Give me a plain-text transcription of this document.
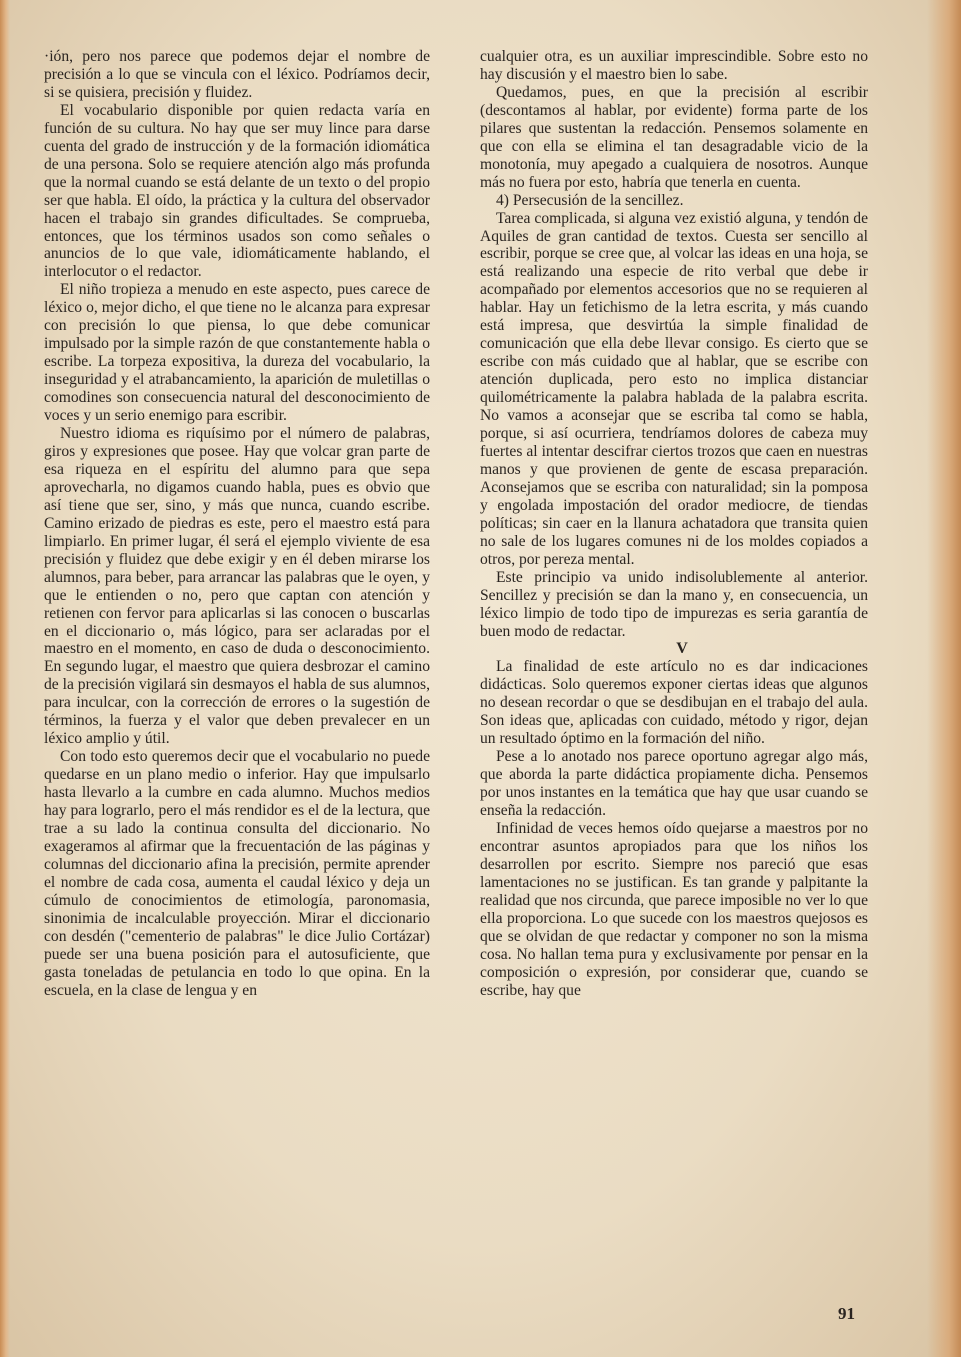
·ión, pero nos parece que podemos dejar el nombre de precisión a lo que se vincula con el léxico. Podríamos decir, si se quisiera, precisión y fluidez.

El vocabulario disponible por quien redacta varía en función de su cultura. No hay que ser muy lince para darse cuenta del grado de instrucción y de la formación idiomática de una persona. Solo se requiere atención algo más profunda que la normal cuando se está delante de un texto o del propio ser que habla. El oído, la práctica y la cultura del observador hacen el trabajo sin grandes dificultades. Se comprueba, entonces, que los términos usados son como señales o anuncios de lo que vale, idiomáticamente hablando, el interlocutor o el redactor.

El niño tropieza a menudo en este aspecto, pues carece de léxico o, mejor dicho, el que tiene no le alcanza para expresar con precisión lo que piensa, lo que debe comunicar impulsado por la simple razón de que constantemente habla o escribe. La torpeza expositiva, la dureza del vocabulario, la inseguridad y el atrabancamiento, la aparición de muletillas o comodines son consecuencia natural del desconocimiento de voces y un serio enemigo para escribir.

Nuestro idioma es riquísimo por el número de palabras, giros y expresiones que posee. Hay que volcar gran parte de esa riqueza en el espíritu del alumno para que sepa aprovecharla, no digamos cuando habla, pues es obvio que así tiene que ser, sino, y más que nunca, cuando escribe. Camino erizado de piedras es este, pero el maestro está para limpiarlo. En primer lugar, él será el ejemplo viviente de esa precisión y fluidez que debe exigir y en él deben mirarse los alumnos, para beber, para arrancar las palabras que le oyen, y que le entienden o no, pero que captan con atención y retienen con fervor para aplicarlas si las conocen o buscarlas en el diccionario o, más lógico, para ser aclaradas por el maestro en el momento, en caso de duda o desconocimiento. En segundo lugar, el maestro que quiera desbrozar el camino de la precisión vigilará sin desmayos el habla de sus alumnos, para inculcar, con la corrección de errores o la sugestión de términos, la fuerza y el valor que deben prevalecer en un léxico amplio y útil.

Con todo esto queremos decir que el vocabulario no puede quedarse en un plano medio o inferior. Hay que impulsarlo hasta llevarlo a la cumbre en cada alumno. Muchos medios hay para lograrlo, pero el más rendidor es el de la lectura, que trae a su lado la continua consulta del diccionario. No exageramos al afirmar que la frecuentación de las páginas y columnas del diccionario afina la precisión, permite aprender el nombre de cada cosa, aumenta el caudal léxico y deja un cúmulo de conocimientos de etimología, paronomasia, sinonimia de incalculable proyección. Mirar el diccionario con desdén ("cementerio de palabras" le dice Julio Cortázar) puede ser una buena posición para el autosuficiente, que gasta toneladas de petulancia en todo lo que opina. En la escuela, en la clase de lengua y en

cualquier otra, es un auxiliar imprescindible. Sobre esto no hay discusión y el maestro bien lo sabe.

Quedamos, pues, en que la precisión al escribir (descontamos al hablar, por evidente) forma parte de los pilares que sustentan la redacción. Pensemos solamente en que con ella se elimina el tan desagradable vicio de la monotonía, muy apegado a cualquiera de nosotros. Aunque más no fuera por esto, habría que tenerla en cuenta.

4) Persecusión de la sencillez.

Tarea complicada, si alguna vez existió alguna, y tendón de Aquiles de gran cantidad de textos. Cuesta ser sencillo al escribir, porque se cree que, al volcar las ideas en una hoja, se está realizando una especie de rito verbal que debe ir acompañado por elementos accesorios que no se requieren al hablar. Hay un fetichismo de la letra escrita, y más cuando está impresa, que desvirtúa la simple finalidad de comunicación que ella debe llevar consigo. Es cierto que se escribe con más cuidado que al hablar, que se escribe con atención duplicada, pero esto no implica distanciar quilométricamente la palabra hablada de la palabra escrita. No vamos a aconsejar que se escriba tal como se habla, porque, si así ocurriera, tendríamos dolores de cabeza muy fuertes al intentar descifrar ciertos trozos que caen en nuestras manos y que provienen de gente de escasa preparación. Aconsejamos que se escriba con naturalidad; sin la pomposa y engolada impostación del orador mediocre, de tiendas políticas; sin caer en la llanura achatadora que transita quien no sale de los lugares comunes ni de los moldes copiados a otros, por pereza mental.

Este principio va unido indisolublemente al anterior. Sencillez y precisión se dan la mano y, en consecuencia, un léxico limpio de todo tipo de impurezas es seria garantía de buen modo de redactar.

V

La finalidad de este artículo no es dar indicaciones didácticas. Solo queremos exponer ciertas ideas que algunos no desean recordar o que se desdibujan en el trabajo del aula. Son ideas que, aplicadas con cuidado, método y rigor, dejan un resultado óptimo en la formación del niño.

Pese a lo anotado nos parece oportuno agregar algo más, que aborda la parte didáctica propiamente dicha. Pensemos por unos instantes en la temática que hay que usar cuando se enseña la redacción.

Infinidad de veces hemos oído quejarse a maestros por no encontrar asuntos apropiados para que los niños los desarrollen por escrito. Siempre nos pareció que esas lamentaciones no se justifican. Es tan grande y palpitante la realidad que nos circunda, que parece imposible no ver lo que ella proporciona. Lo que sucede con los maestros quejosos es que se olvidan de que redactar y componer no son la misma cosa. No hallan tema pura y exclusivamente por pensar en la composición o expresión, por considerar que, cuando se escribe, hay que

91
